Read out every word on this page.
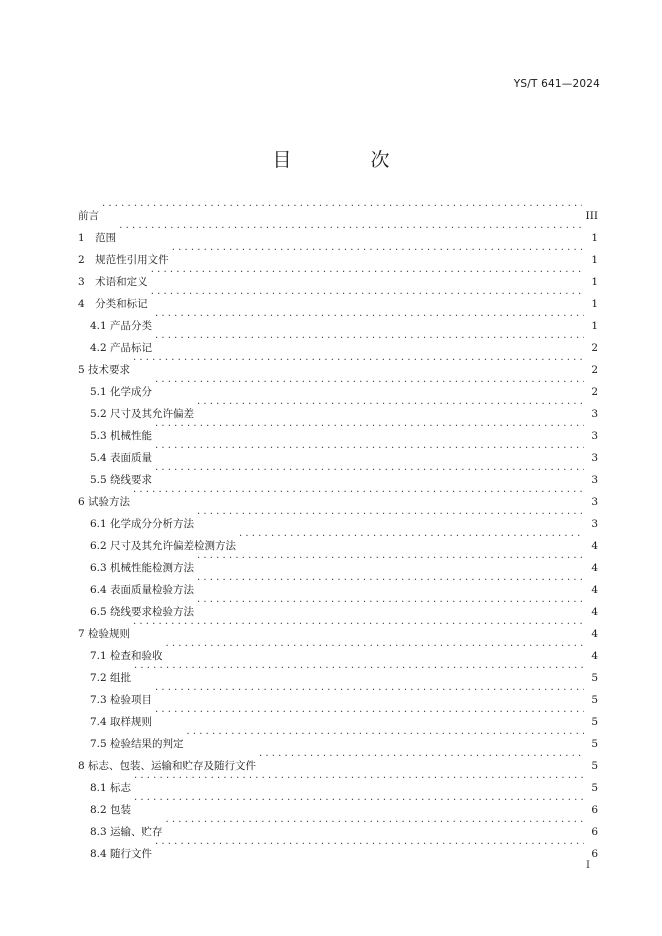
YS/T 641—2024
目　次
前言 .....	III
1　范围 .....	1
2　规范性引用文件 .....	1
3　术语和定义 .....	1
4　分类和标记 .....	1
4.1 产品分类 .....	1
4.2 产品标记 .....	2
5 技术要求 .....	2
5.1 化学成分 .....	2
5.2 尺寸及其允许偏差 .....	3
5.3 机械性能 .....	3
5.4 表面质量 .....	3
5.5 绕线要求 .....	3
6 试验方法 .....	3
6.1 化学成分分析方法 .....	3
6.2 尺寸及其允许偏差检测方法 .....	4
6.3 机械性能检测方法 .....	4
6.4 表面质量检验方法 .....	4
6.5 绕线要求检验方法 .....	4
7 检验规则 .....	4
7.1 检查和验收 .....	4
7.2 组批 .....	5
7.3 检验项目 .....	5
7.4 取样规则 .....	5
7.5 检验结果的判定 .....	5
8 标志、包装、运输和贮存及随行文件 .....	5
8.1 标志 .....	5
8.2 包装 .....	6
8.3 运输、贮存 .....	6
8.4 随行文件 .....	6
I
